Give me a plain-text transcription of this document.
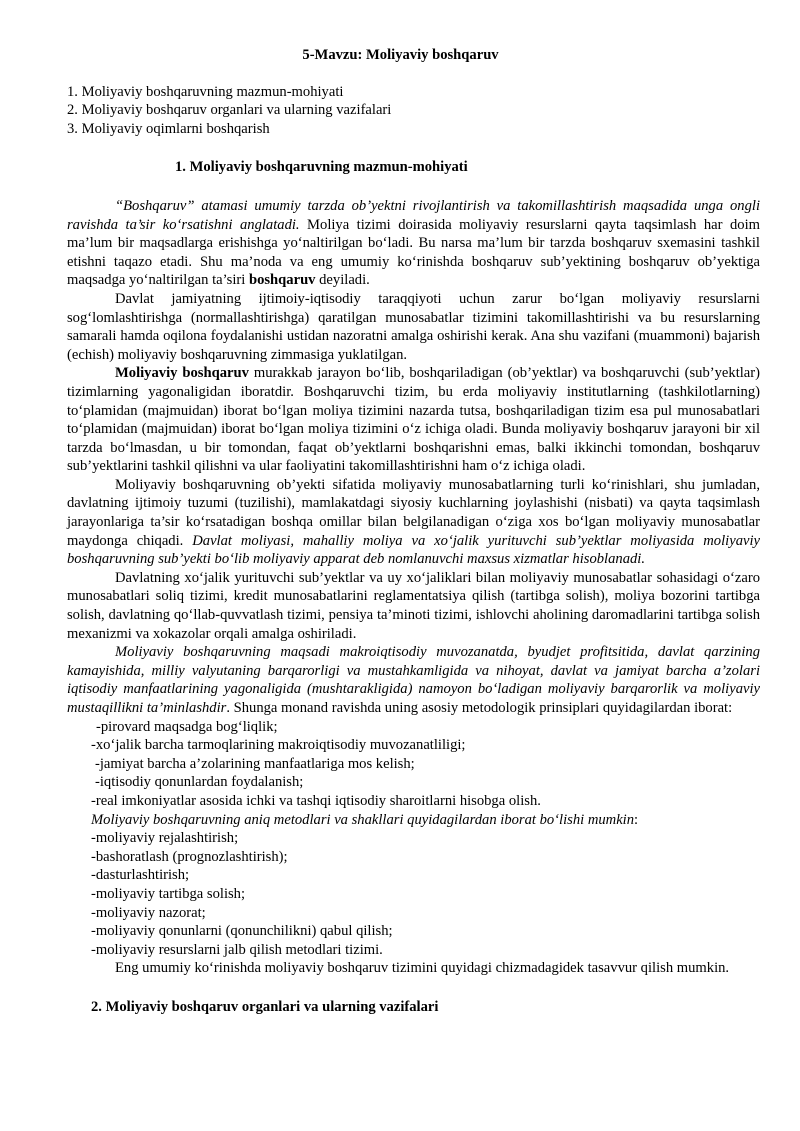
5-Mavzu: Moliyaviy boshqaruv
1. Moliyaviy boshqaruvning mazmun-mohiyati
2. Moliyaviy boshqaruv organlari va ularning vazifalari
3. Moliyaviy oqimlarni boshqarish
1. Moliyaviy boshqaruvning mazmun-mohiyati

“Boshqaruv” atamasi umumiy tarzda ob’yektni rivojlantirish va takomillashtirish maqsadida unga ongli ravishda ta’sir ko‘rsatishni anglatadi. Moliya tizimi doirasida moliyaviy resurslarni qayta taqsimlash har doim ma’lum bir maqsadlarga erishishga yo‘naltirilgan bo‘ladi. Bu narsa ma’lum bir tarzda boshqaruv sxemasini tashkil etishni taqazo etadi. Shu ma’noda va eng umumiy ko‘rinishda boshqaruv sub’yektining boshqaruv ob’yektiga maqsadga yo‘naltirilgan ta’siri boshqaruv deyiladi.

Davlat jamiyatning ijtimoiy-iqtisodiy taraqqiyoti uchun zarur bo‘lgan moliyaviy resurslarni sog‘lomlashtirishga (normallashtirishga) qaratilgan munosabatlar tizimini takomillashtirishi va bu resurslarning samarali hamda oqilona foydalanishi ustidan nazoratni amalga oshirishi kerak. Ana shu vazifani (muammoni) bajarish (echish) moliyaviy boshqaruvning zimmasiga yuklatilgan.

Moliyaviy boshqaruv murakkab jarayon bo‘lib, boshqariladigan (ob’yektlar) va boshqaruvchi (sub’yektlar) tizimlarning yagonaligidan iboratdir. Boshqaruvchi tizim, bu erda moliyaviy institutlarning (tashkilotlarning) to‘plamidan (majmuidan) iborat bo‘lgan moliya tizimini nazarda tutsa, boshqariladigan tizim esa pul munosabatlari to‘plamidan (majmuidan) iborat bo‘lgan moliya tizimini o‘z ichiga oladi. Bunda moliyaviy boshqaruv jarayoni bir xil tarzda bo‘lmasdan, u bir tomondan, faqat ob’yektlarni boshqarishni emas, balki ikkinchi tomondan, boshqaruv sub’yektlarini tashkil qilishni va ular faoliyatini takomillashtirishni ham o‘z ichiga oladi.

Moliyaviy boshqaruvning ob’yekti sifatida moliyaviy munosabatlarning turli ko‘rinishlari, shu jumladan, davlatning ijtimoiy tuzumi (tuzilishi), mamlakatdagi siyosiy kuchlarning joylashishi (nisbati) va qayta taqsimlash jarayonlariga ta’sir ko‘rsatadigan boshqa omillar bilan belgilanadigan o‘ziga xos bo‘lgan moliyaviy munosabatlar maydonga chiqadi. Davlat moliyasi, mahalliy moliya va xo‘jalik yurituvchi sub’yektlar moliyasida moliyaviy boshqaruvning sub’yekti bo‘lib moliyaviy apparat deb nomlanuvchi maxsus xizmatlar hisoblanadi.

Davlatning xo‘jalik yurituvchi sub’yektlar va uy xo‘jaliklari bilan moliyaviy munosabatlar sohasidagi o‘zaro munosabatlari soliq tizimi, kredit munosabatlarini reglamentatsiya qilish (tartibga solish), moliya bozorini tartibga solish, davlatning qo‘llab-quvvatlash tizimi, pensiya ta’minoti tizimi, ishlovchi aholining daromadlarini tartibga solish mexanizmi va xokazolar orqali amalga oshiriladi.

Moliyaviy boshqaruvning maqsadi makroiqtisodiy muvozanatda, byudjet profitsitida, davlat qarzining kamayishida, milliy valyutaning barqarorligi va mustahkamligida va nihoyat, davlat va jamiyat barcha a’zolari iqtisodiy manfaatlarining yagonaligida (mushtarakligida) namoyon bo‘ladigan moliyaviy barqarorlik va moliyaviy mustaqillikni ta’minlashdir. Shunga monand ravishda uning asosiy metodologik prinsiplari quyidagilardan iborat:

-pirovard maqsadga bog‘liqlik;
-xo‘jalik barcha tarmoqlarining makroiqtisodiy muvozanatliligi;
-jamiyat barcha a’zolarining manfaatlariga mos kelish;
-iqtisodiy qonunlardan foydalanish;
-real imkoniyatlar asosida ichki va tashqi iqtisodiy sharoitlarni hisobga olish.
Moliyaviy boshqaruvning aniq metodlari va shakllari quyidagilardan iborat bo‘lishi mumkin:
-moliyaviy rejalashtirish;
-bashoratlash (prognozlashtirish);
-dasturlashtirish;
-moliyaviy tartibga solish;
-moliyaviy nazorat;
-moliyaviy qonunlarni (qonunchilikni) qabul qilish;
-moliyaviy resurslarni jalb qilish metodlari tizimi.

Eng umumiy ko‘rinishda moliyaviy boshqaruv tizimini quyidagi chizmadagidek tasavvur qilish mumkin.

2. Moliyaviy boshqaruv organlari va ularning vazifalari
